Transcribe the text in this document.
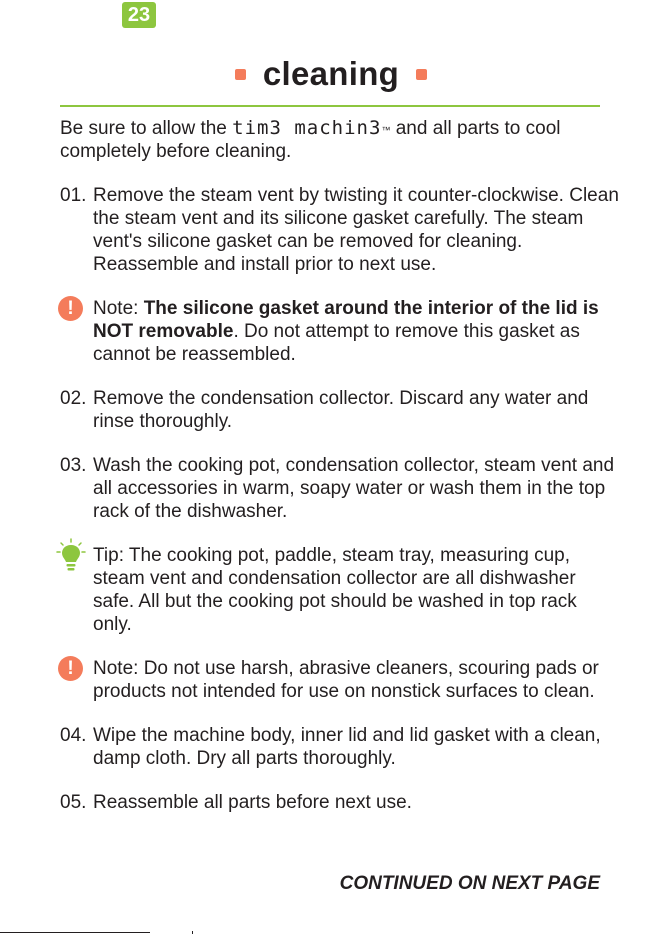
23
cleaning

Be sure to allow the tim3 machin3™ and all parts to cool completely before cleaning.

01. Remove the steam vent by twisting it counter-clockwise. Clean the steam vent and its silicone gasket carefully. The steam vent's silicone gasket can be removed for cleaning. Reassemble and install prior to next use.
!	Note: The silicone gasket around the interior of the lid is NOT removable. Do not attempt to remove this gasket as cannot be reassembled.
02. Remove the condensation collector. Discard any water and rinse thoroughly.
03. Wash the cooking pot, condensation collector, steam vent and all accessories in warm, soapy water or wash them in the top rack of the dishwasher.
Tip: The cooking pot, paddle, steam tray, measuring cup, steam vent and condensation collector are all dishwasher safe. All but the cooking pot should be washed in top rack only.
!	Note: Do not use harsh, abrasive cleaners, scouring pads or products not intended for use on nonstick surfaces to clean.
04. Wipe the machine body, inner lid and lid gasket with a clean, damp cloth. Dry all parts thoroughly.
05. Reassemble all parts before next use.
CONTINUED ON NEXT PAGE
